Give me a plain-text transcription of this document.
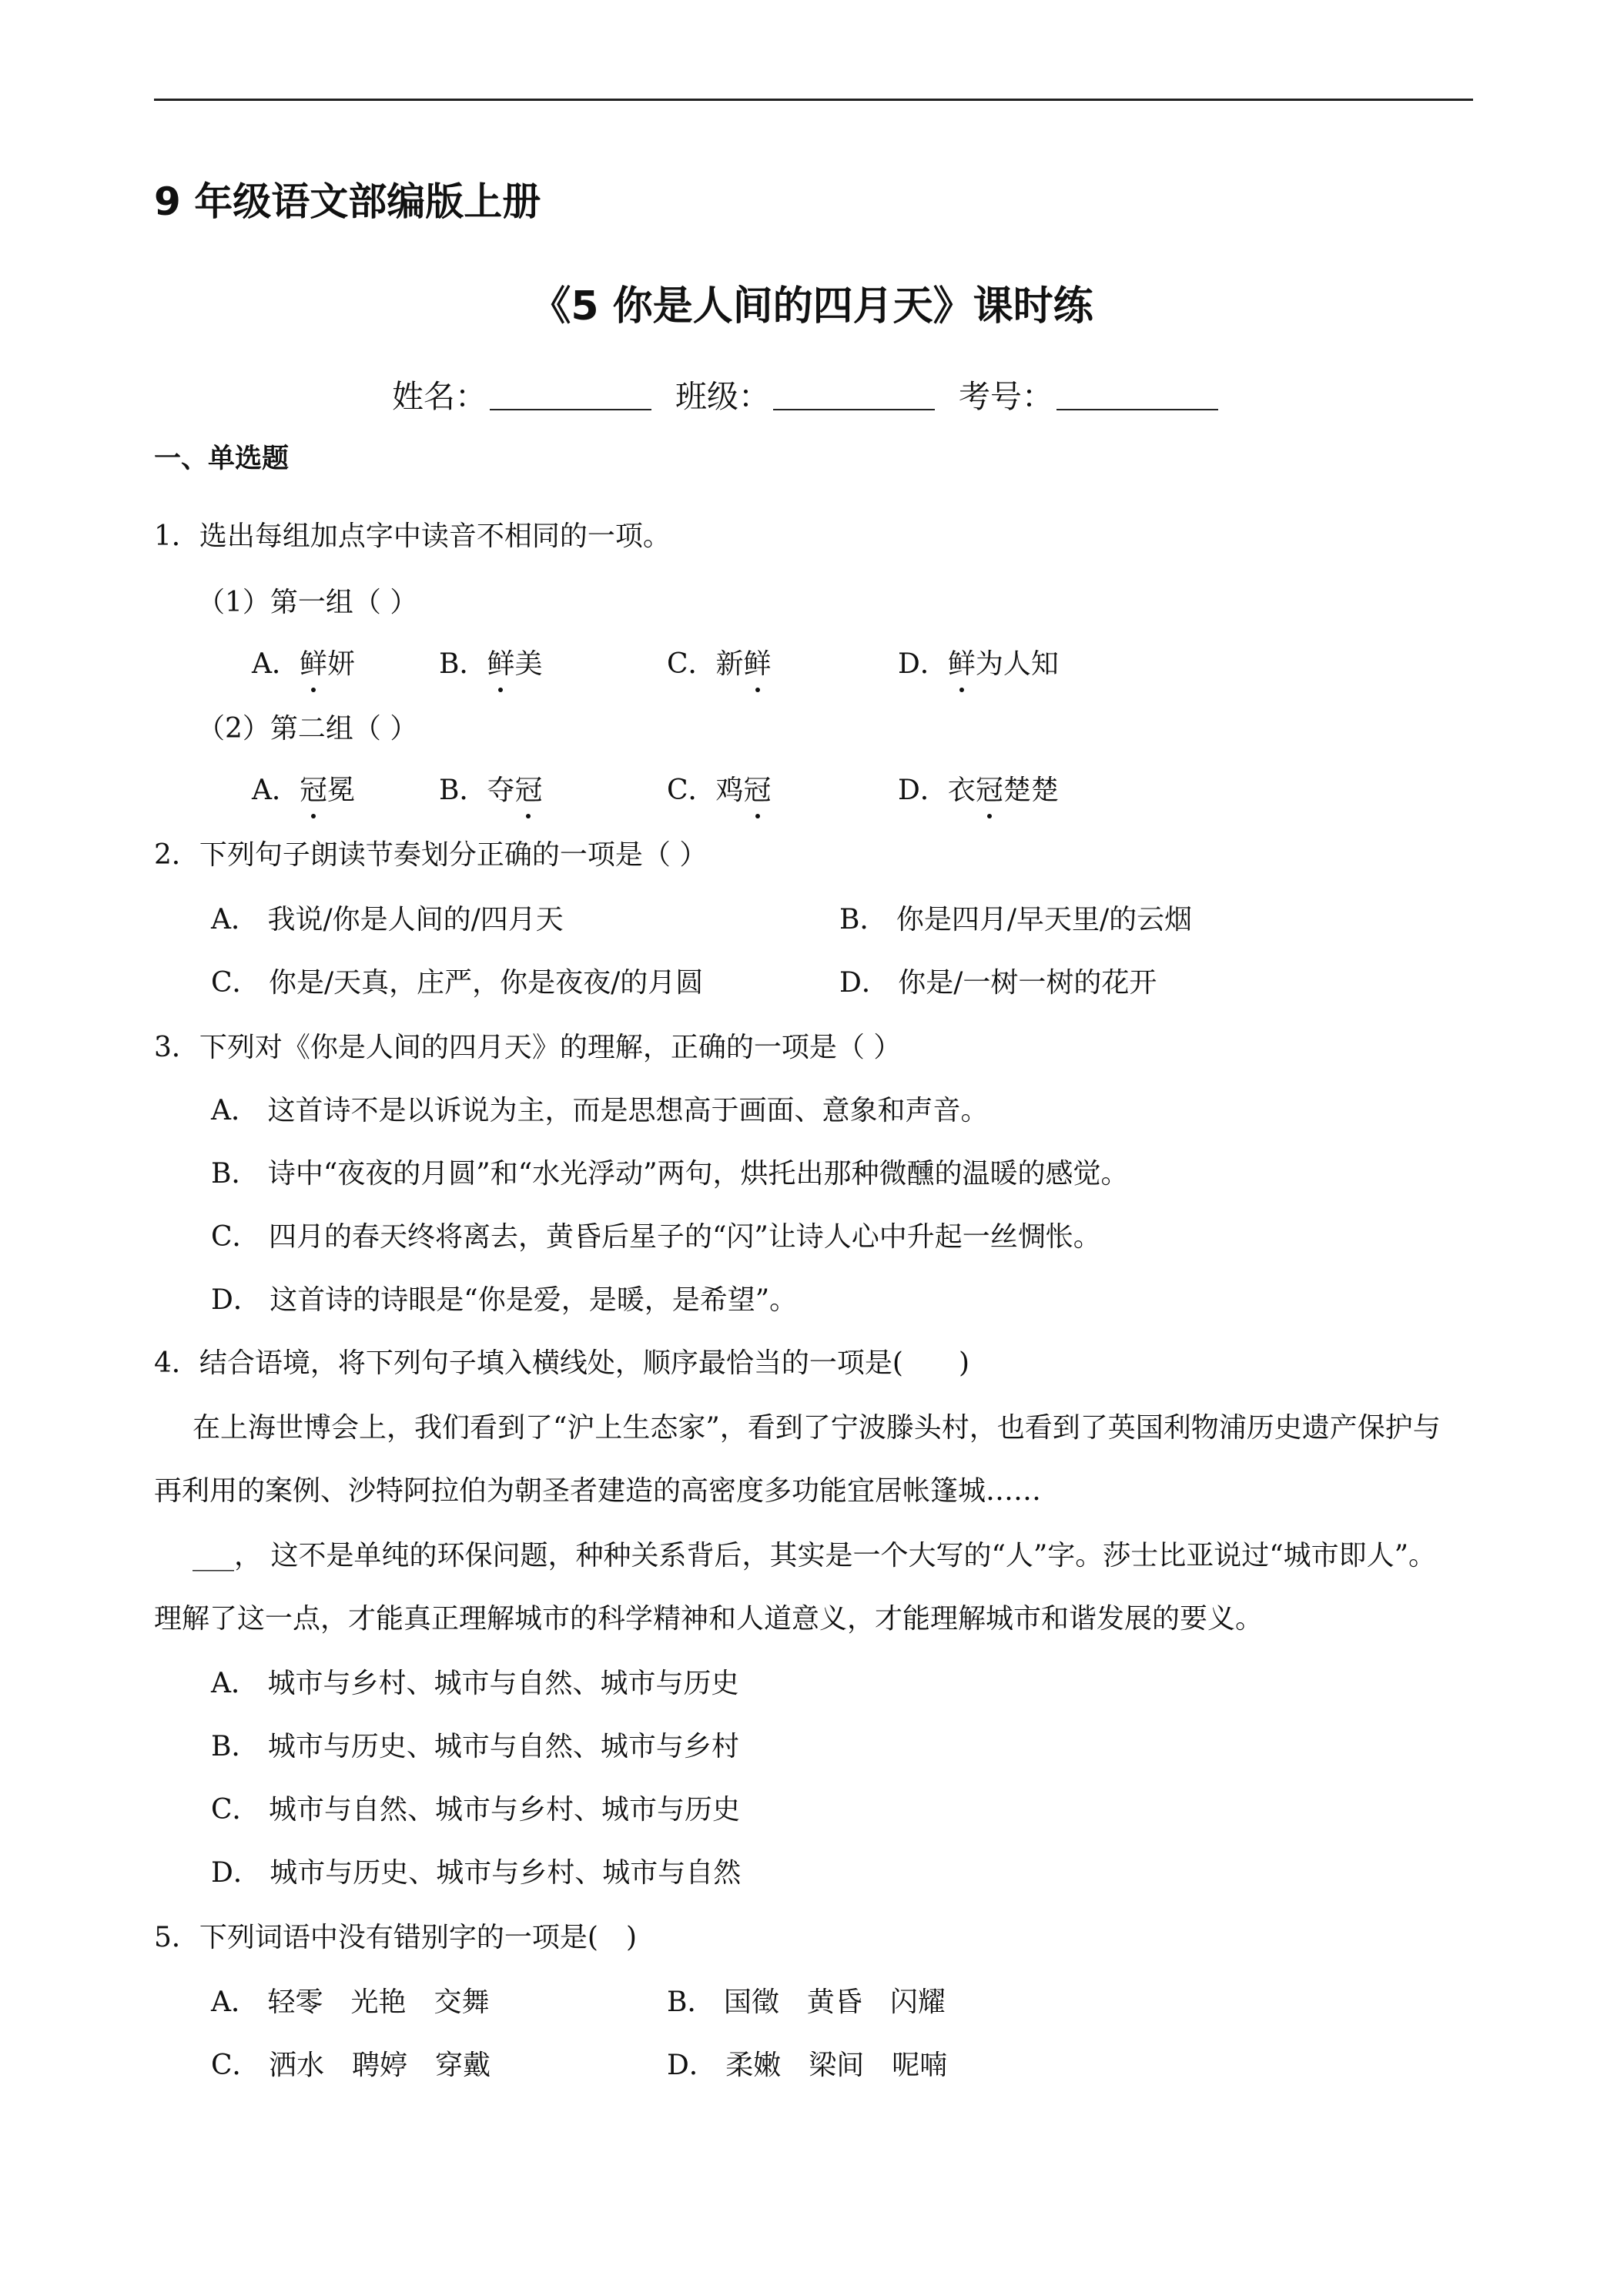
9 年级语文部编版上册
《5 你是人间的四月天》课时练
姓名：	班级：	考号：
一、单选题
1．选出每组加点字中读音不相同的一项。
（1）第一组（ ）
A．鲜妍	B．鲜美	C．新鲜	D．鲜为人知
（2）第二组（ ）
A．冠冕	B．夺冠	C．鸡冠	D．衣冠楚楚
2．下列句子朗读节奏划分正确的一项是（ ）
A． 我说/你是人间的/四月天	B． 你是四月/早天里/的云烟
C． 你是/天真，庄严，你是夜夜/的月圆	D． 你是/一树一树的花开
3．下列对《你是人间的四月天》的理解，正确的一项是（ ）
A． 这首诗不是以诉说为主，而是思想高于画面、意象和声音。
B． 诗中“夜夜的月圆”和“水光浮动”两句，烘托出那种微醺的温暖的感觉。
C． 四月的春天终将离去，黄昏后星子的“闪”让诗人心中升起一丝惆怅。
D． 这首诗的诗眼是“你是爱，是暖，是希望”。
4．结合语境，将下列句子填入横线处，顺序最恰当的一项是(　　)
在上海世博会上，我们看到了“沪上生态家”，看到了宁波滕头村，也看到了英国利物浦历史遗产保护与
再利用的案例、沙特阿拉伯为朝圣者建造的高密度多功能宜居帐篷城……
___， 这不是单纯的环保问题，种种关系背后，其实是一个大写的“人”字。莎士比亚说过“城市即人”。
理解了这一点，才能真正理解城市的科学精神和人道意义，才能理解城市和谐发展的要义。
A． 城市与乡村、城市与自然、城市与历史
B． 城市与历史、城市与自然、城市与乡村
C． 城市与自然、城市与乡村、城市与历史
D． 城市与历史、城市与乡村、城市与自然
5．下列词语中没有错别字的一项是(　)
A． 轻零　光艳　交舞	B． 国徵　黄昏　闪耀
C． 洒水　聘婷　穿戴	D． 柔嫩　梁间　呢喃
